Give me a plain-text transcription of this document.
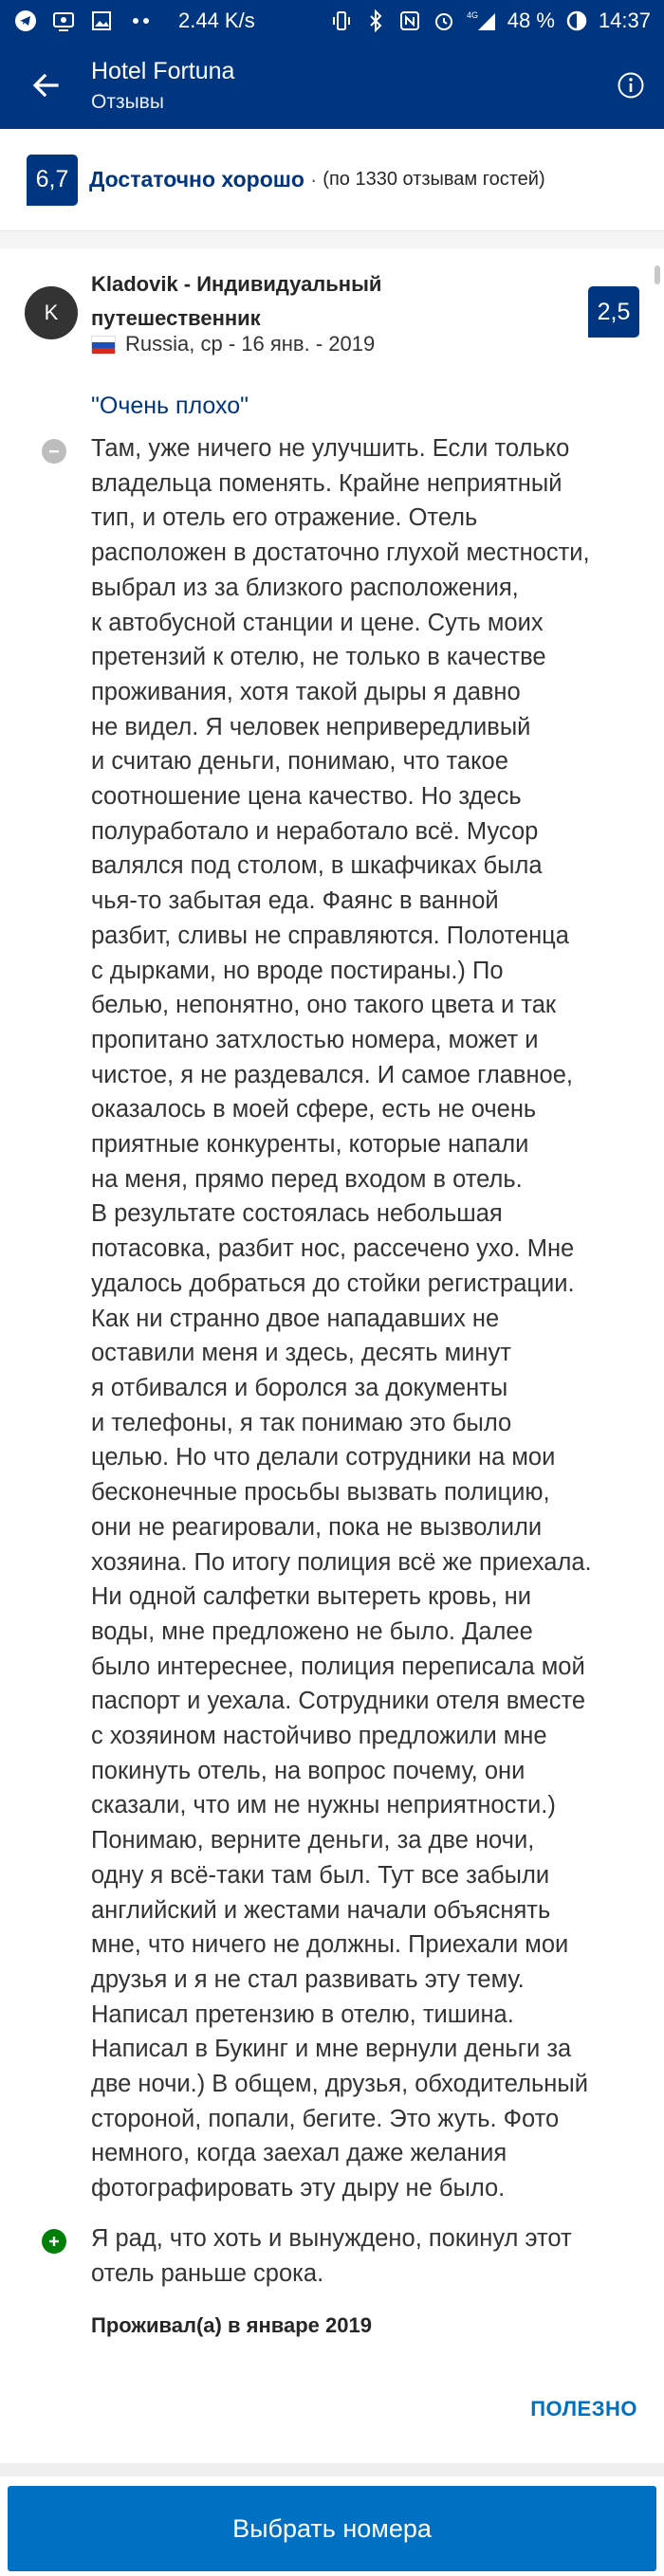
2.44 K/s	4G 48 % 14:37
Hotel Fortuna
Отзывы
6,7 Достаточно хорошо · (по 1330 отзывам гостей)
K
Kladovik - Индивидуальный путешественник
Russia, ср - 16 янв. - 2019
2,5
"Очень плохо"
Там, уже ничего не улучшить. Если только
владельца поменять. Крайне неприятный
тип, и отель его отражение. Отель
расположен в достаточно глухой местности,
выбрал из за близкого расположения,
к автобусной станции и цене. Суть моих
претензий к отелю, не только в качестве
проживания, хотя такой дыры я давно
не видел. Я человек непривередливый
и считаю деньги, понимаю, что такое
соотношение цена качество. Но здесь
полуработало и неработало всё. Мусор
валялся под столом, в шкафчиках была
чья-то забытая еда. Фаянс в ванной
разбит, сливы не справляются. Полотенца
с дырками, но вроде постираны.) По
белью, непонятно, оно такого цвета и так
пропитано затхлостью номера, может и
чистое, я не раздевался. И самое главное,
оказалось в моей сфере, есть не очень
приятные конкуренты, которые напали
на меня, прямо перед входом в отель.
В результате состоялась небольшая
потасовка, разбит нос, рассечено ухо. Мне
удалось добраться до стойки регистрации.
Как ни странно двое нападавших не
оставили меня и здесь, десять минут
я отбивался и боролся за документы
и телефоны, я так понимаю это было
целью. Но что делали сотрудники на мои
бесконечные просьбы вызвать полицию,
они не реагировали, пока не вызволили
хозяина. По итогу полиция всё же приехала.
Ни одной салфетки вытереть кровь, ни
воды, мне предложено не было. Далее
было интереснее, полиция переписала мой
паспорт и уехала. Сотрудники отеля вместе
с хозяином настойчиво предложили мне
покинуть отель, на вопрос почему, они
сказали, что им не нужны неприятности.)
Понимаю, верните деньги, за две ночи,
одну я всё-таки там был. Тут все забыли
английский и жестами начали объяснять
мне, что ничего не должны. Приехали мои
друзья и я не стал развивать эту тему.
Написал претензию в отелю, тишина.
Написал в Букинг и мне вернули деньги за
две ночи.) В общем, друзья, обходительный
стороной, попали, бегите. Это жуть. Фото
немного, когда заехал даже желания
фотографировать эту дыру не было.
Я рад, что хоть и вынуждено, покинул этот
отель раньше срока.
Проживал(а) в январе 2019
ПОЛЕЗНО
Выбрать номера
